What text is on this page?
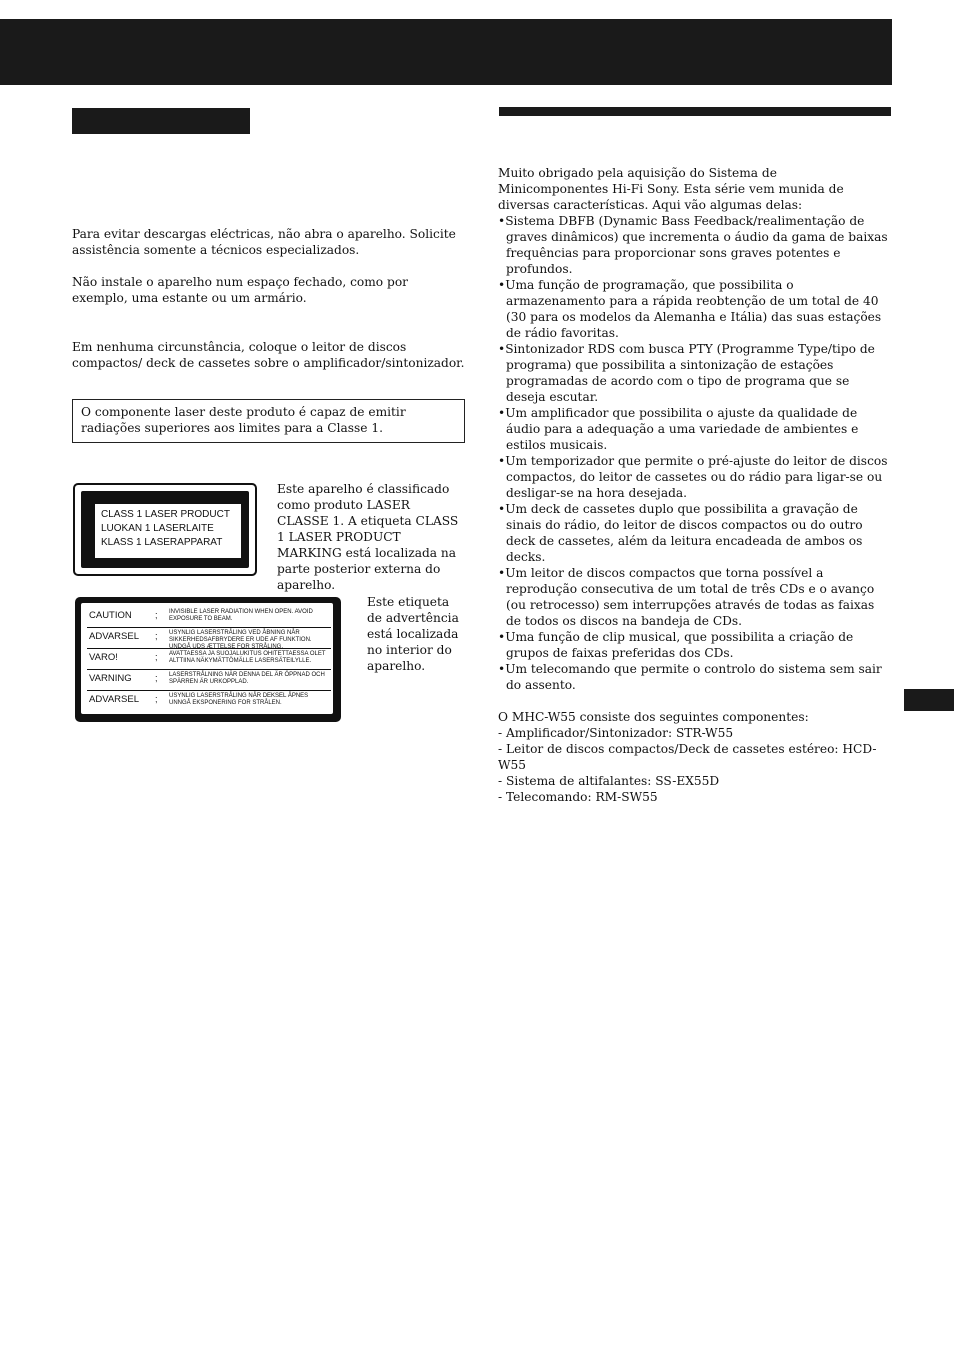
Para evitar descargas eléctricas, não abra o aparelho. Solicite assistência somente a técnicos especializados.

Não instale o aparelho num espaço fechado, como por exemplo, uma estante ou um armário.

Em nenhuma circunstância, coloque o leitor de discos compactos/ deck de cassetes sobre o amplificador/sintonizador.

O componente laser deste produto é capaz de emitir radiações superiores aos limites para a Classe 1.
CLASS 1 LASER PRODUCT
LUOKAN 1 LASERLAITE
KLASS 1 LASERAPPARAT

Este aparelho é classificado como produto LASER CLASSE 1. A etiqueta CLASS 1 LASER PRODUCT MARKING está localizada na parte posterior externa do aparelho.

CAUTION	; INVISIBLE LASER RADIATION WHEN OPEN. AVOID EXPOSURE TO BEAM.
ADVARSEL ; USYNLIG LASERSTRÅLING VED ÅBNING NÅR SIKKERHEDSAFBRYDERE ER UDE AF FUNKTION. UNDGÅ UDS ÆTTELSE FOR STRÅLING.
VARO!	; AVATTAESSA JA SUOJALUKITUS OHITETTAESSA OLET ALTTIINA NÄKYMÄTTÖMÄLLE LASERSÄTEILYLLE.
VARNING	; LASERSTRÅLNING NÄR DENNA DEL ÄR ÖPPNAD OCH SPÄRREN ÄR URKOPPLAD.
ADVARSEL ; USYNLIG LASERSTRÅLING NÅR DEKSEL ÅPNES UNNGÅ EKSPONERING FOR STRÅLEN.

Este etiqueta de advertência está localizada no interior do aparelho.

Muito obrigado pela aquisição do Sistema de Minicomponentes Hi-Fi Sony. Esta série vem munida de diversas características. Aqui vão algumas delas:

•Sistema DBFB (Dynamic Bass Feedback/realimentação de graves dinâmicos) que incrementa o áudio da gama de baixas frequências para proporcionar sons graves potentes e profundos.

•Uma função de programação, que possibilita o armazenamento para a rápida reobtenção de um total de 40 (30 para os modelos da Alemanha e Itália) das suas estações de rádio favoritas.

•Sintonizador RDS com busca PTY (Programme Type/tipo de programa) que possibilita a sintonização de estações programadas de acordo com o tipo de programa que se deseja escutar.

•Um amplificador que possibilita o ajuste da qualidade de áudio para a adequação a uma variedade de ambientes e estilos musicais.

•Um temporizador que permite o pré-ajuste do leitor de discos compactos, do leitor de cassetes ou do rádio para ligar-se ou desligar-se na hora desejada.

•Um deck de cassetes duplo que possibilita a gravação de sinais do rádio, do leitor de discos compactos ou do outro deck de cassetes, além da leitura encadeada de ambos os decks.

•Um leitor de discos compactos que torna possível a reprodução consecutiva de um total de três CDs e o avanço (ou retrocesso) sem interrupções através de todas as faixas de todos os discos na bandeja de CDs.

•Uma função de clip musical, que possibilita a criação de grupos de faixas preferidas dos CDs.

•Um telecomando que permite o controlo do sistema sem sair do assento.

O MHC-W55 consiste dos seguintes componentes:

- Amplificador/Sintonizador: STR-W55

- Leitor de discos compactos/Deck de cassetes estéreo: HCD-W55

- Sistema de altifalantes: SS-EX55D

- Telecomando: RM-SW55
